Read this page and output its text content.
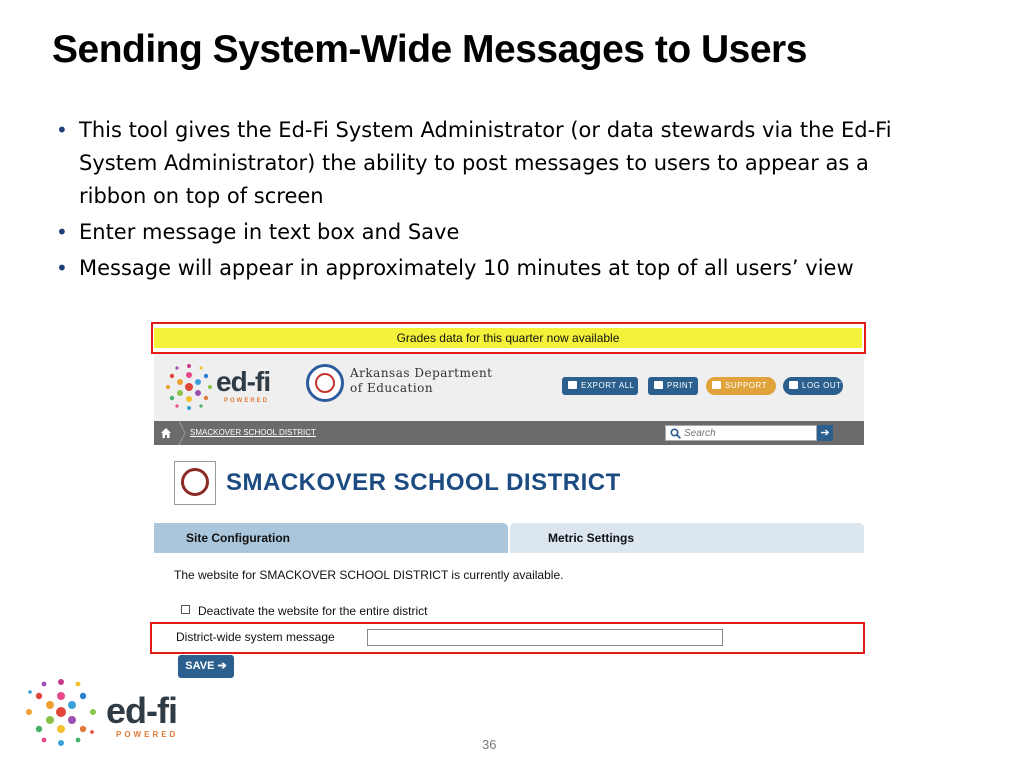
Sending System-Wide Messages to Users
• This tool gives the Ed-Fi System Administrator (or data stewards via the Ed-Fi System Administrator) the ability to post messages to users to appear as a ribbon on top of screen
• Enter message in text box and Save
• Message will appear in approximately 10 minutes at top of all users’ view
Grades data for this quarter now available
ed-fi
POWERED
Arkansas Department
of Education	EXPORT ALL	PRINT	SUPPORT	LOG OUT
SMACKOVER SCHOOL DISTRICT
Search	➔
SMACKOVER SCHOOL DISTRICT
Site Configuration	Metric Settings
The website for SMACKOVER SCHOOL DISTRICT is currently available.
Deactivate the website for the entire district
District-wide system message
SAVE ➔
ed-fi
POWERED
36
